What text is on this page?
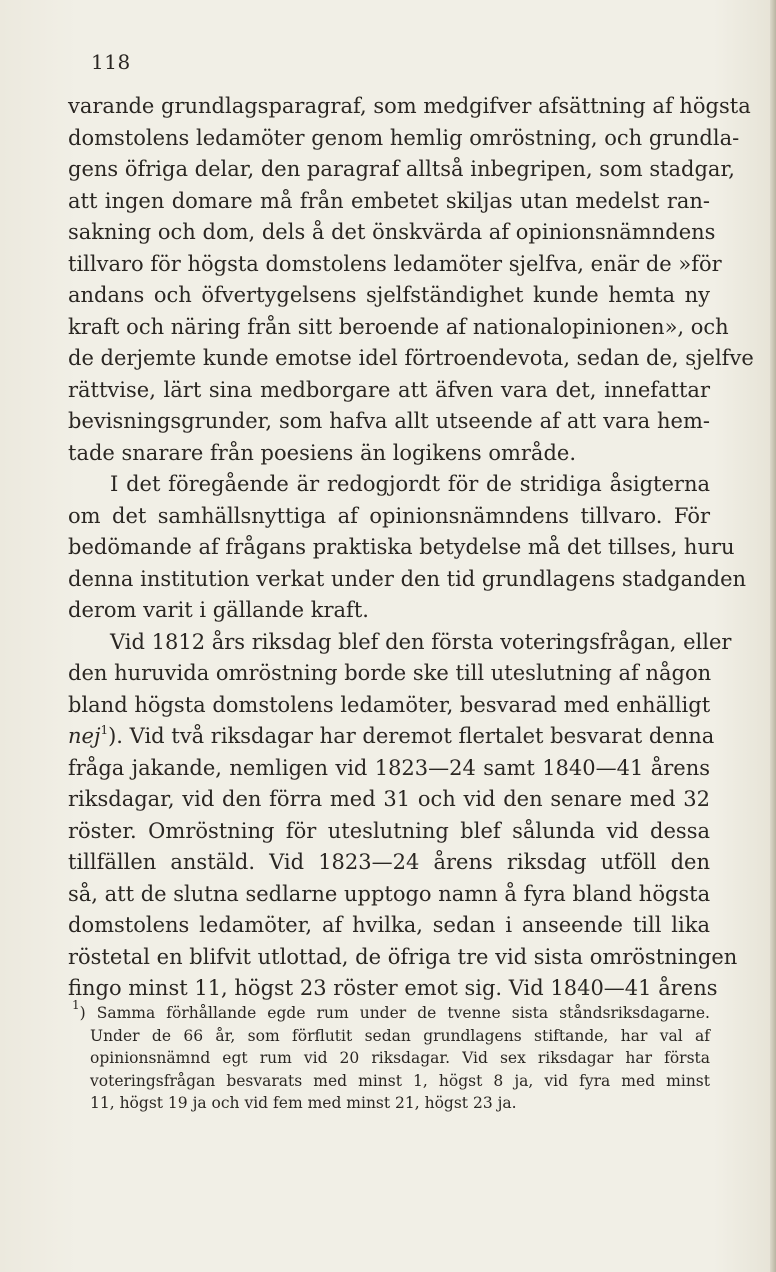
118
varande grundlagsparagraf, som medgifver afsättning af högsta
domstolens ledamöter genom hemlig omröstning, och grundla-
gens öfriga delar, den paragraf alltså inbegripen, som stadgar,
att ingen domare må från embetet skiljas utan medelst ran-
sakning och dom, dels å det önskvärda af opinionsnämndens
tillvaro för högsta domstolens ledamöter sjelfva, enär de »för
andans och öfvertygelsens sjelfständighet kunde hemta ny
kraft och näring från sitt beroende af nationalopinionen», och
de derjemte kunde emotse idel förtroendevota, sedan de, sjelfve
rättvise, lärt sina medborgare att äfven vara det, innefattar
bevisningsgrunder, som hafva allt utseende af att vara hem-
tade snarare från poesiens än logikens område.
I det föregående är redogjordt för de stridiga åsigterna
om det samhällsnyttiga af opinionsnämndens tillvaro. För
bedömande af frågans praktiska betydelse må det tillses, huru
denna institution verkat under den tid grundlagens stadganden
derom varit i gällande kraft.
Vid 1812 års riksdag blef den första voteringsfrågan, eller
den huruvida omröstning borde ske till uteslutning af någon
bland högsta domstolens ledamöter, besvarad med enhälligt
nej$^1$). Vid två riksdagar har deremot flertalet besvarat denna
fråga jakande, nemligen vid 1823—24 samt 1840—41 årens
riksdagar, vid den förra med 31 och vid den senare med 32
röster. Omröstning för uteslutning blef sålunda vid dessa
tillfällen anstäld. Vid 1823—24 årens riksdag utföll den
så, att de slutna sedlarne upptogo namn å fyra bland högsta
domstolens ledamöter, af hvilka, sedan i anseende till lika
röstetal en blifvit utlottad, de öfriga tre vid sista omröstningen
fingo minst 11, högst 23 röster emot sig. Vid 1840—41 årens
$^1$) Samma förhållande egde rum under de tvenne sista ståndsriksdagarne.
Under de 66 år, som förflutit sedan grundlagens stiftande, har val af
opinionsnämnd egt rum vid 20 riksdagar. Vid sex riksdagar har första
voteringsfrågan besvarats med minst 1, högst 8 ja, vid fyra med minst
11, högst 19 ja och vid fem med minst 21, högst 23 ja.
